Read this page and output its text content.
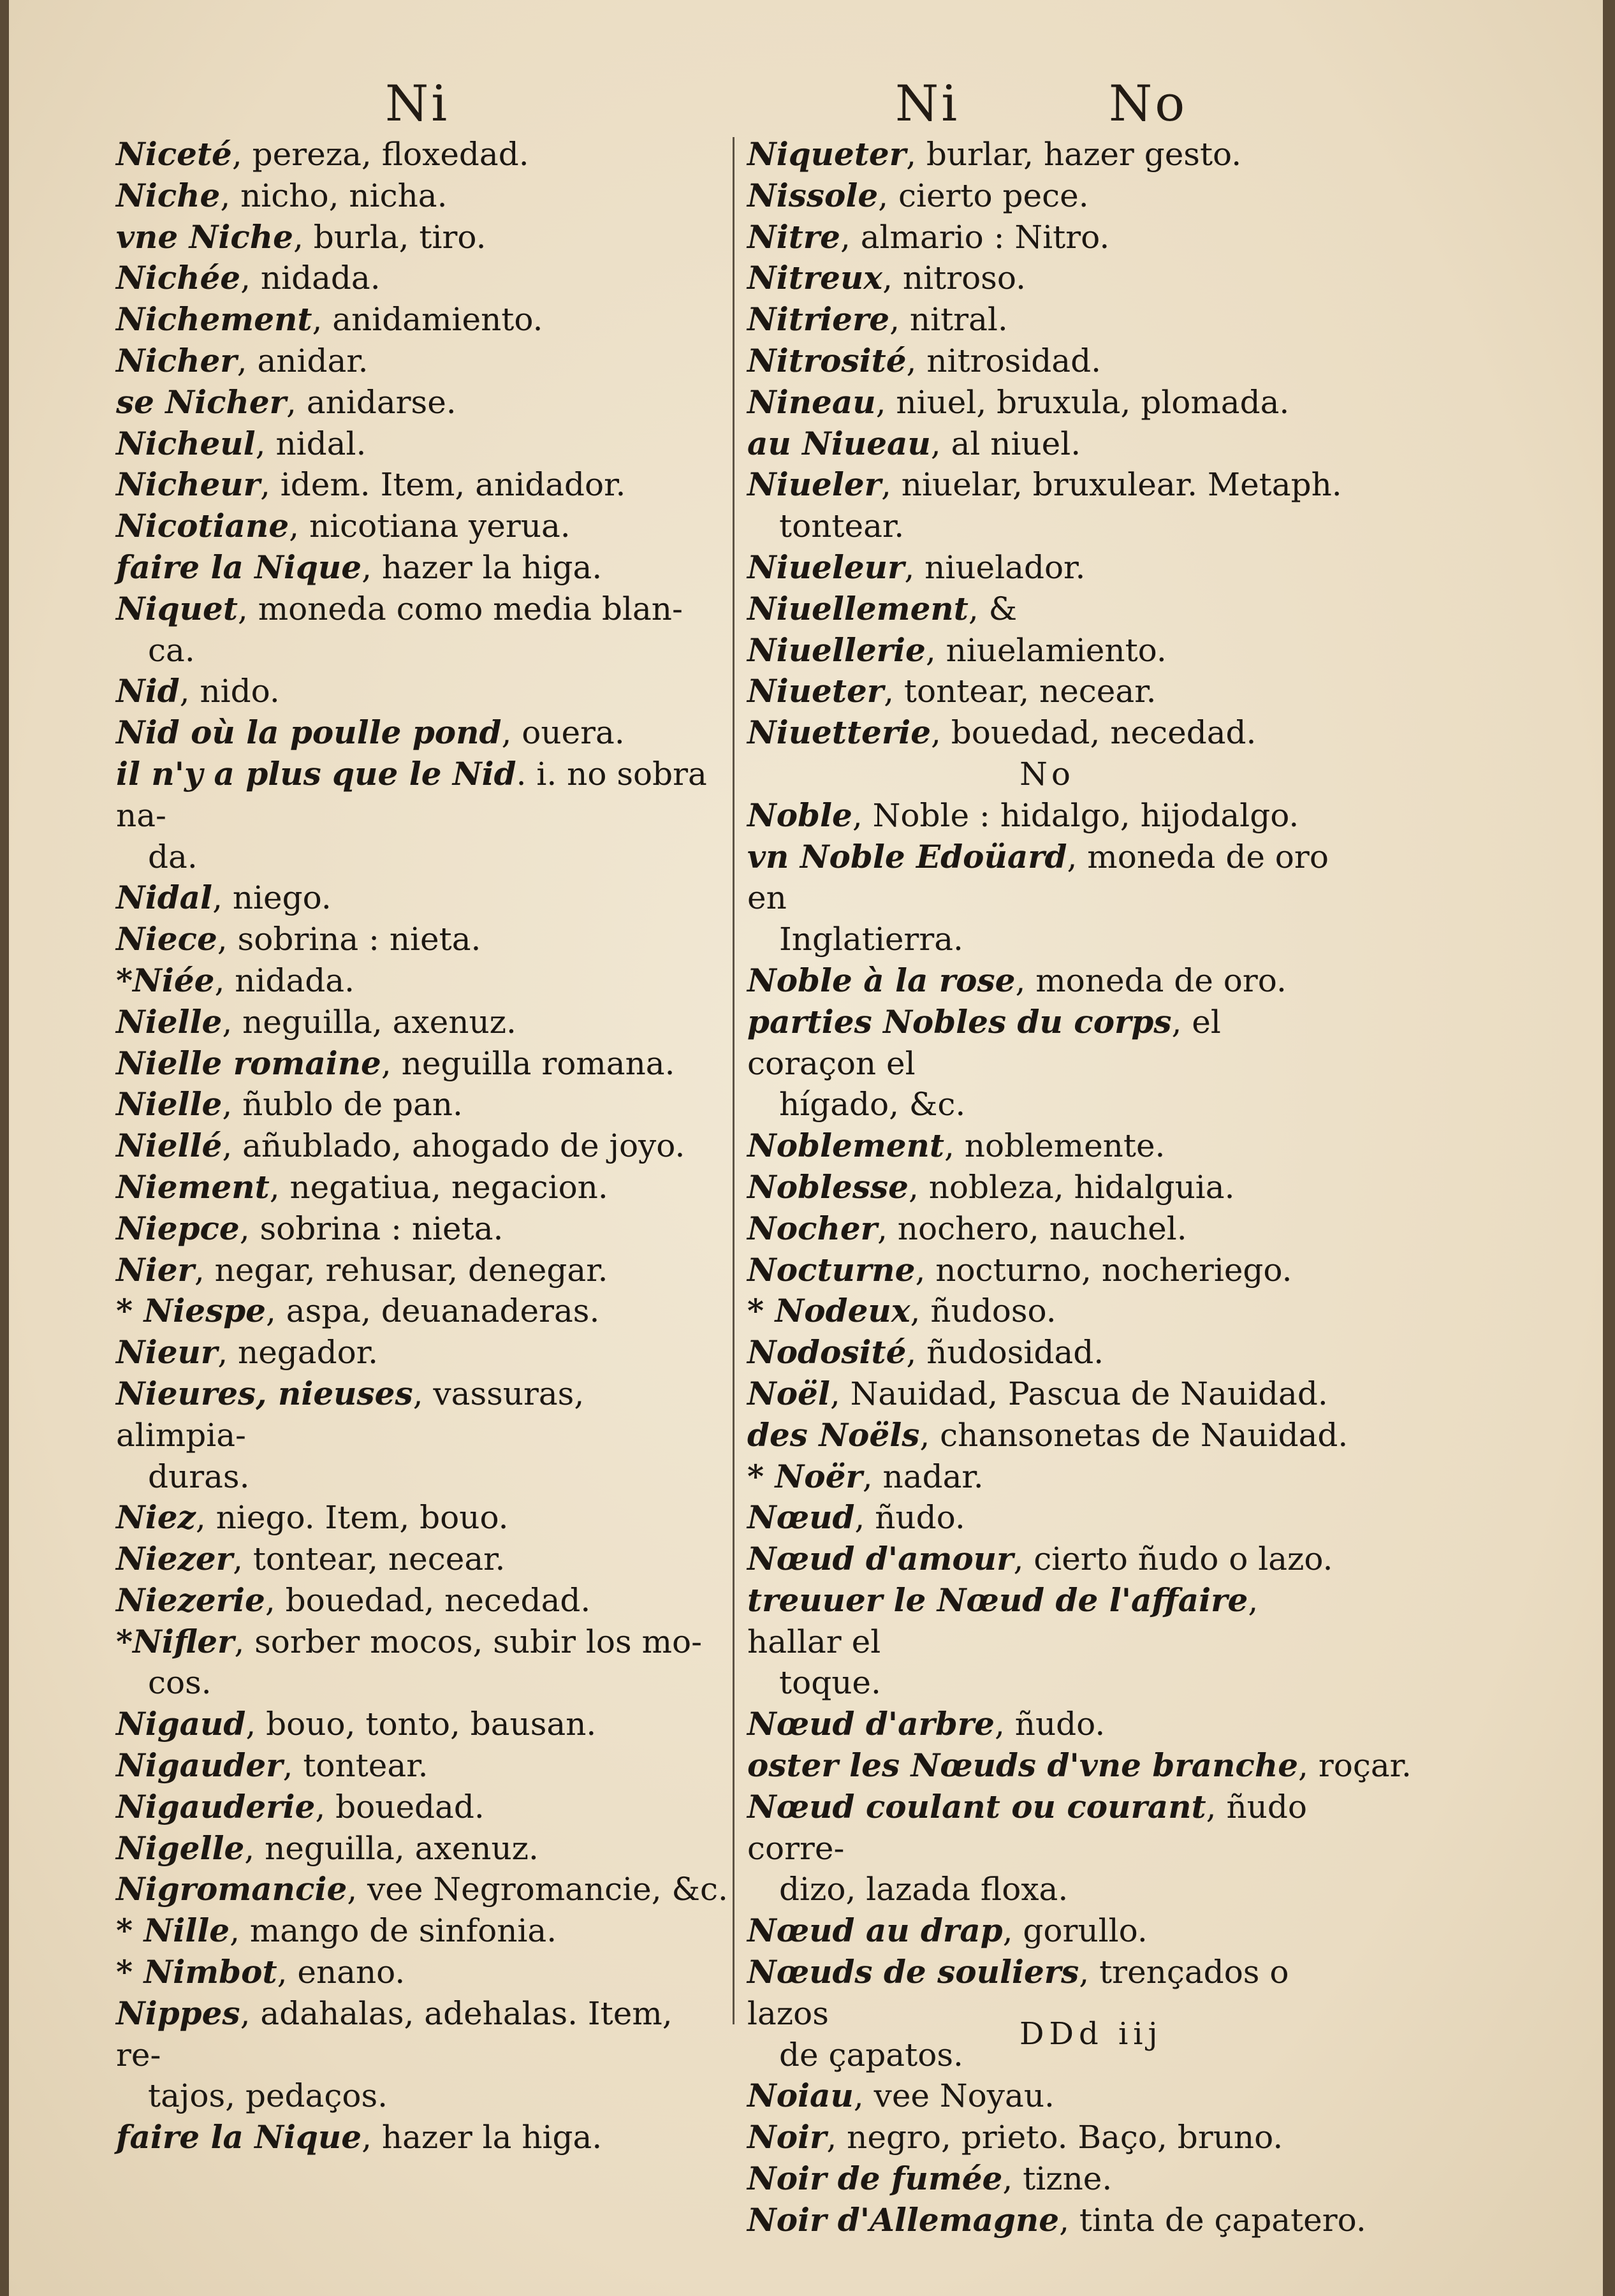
Ni	Ni	No
Niceté, pereza, floxedad.
Niche, nicho, nicha.
vne Niche, burla, tiro.
Nichée, nidada.
Nichement, anidamiento.
Nicher, anidar.
se Nicher, anidarse.
Nicheul, nidal.
Nicheur, idem. Item, anidador.
Nicotiane, nicotiana yerua.
faire la Nique, hazer la higa.
Niquet, moneda como media blan-
ca.
Nid, nido.
Nid où la poulle pond, ouera.
il n'y a plus que le Nid. i. no sobra na-
da.
Nidal, niego.
Niece, sobrina : nieta.
*Niée, nidada.
Nielle, neguilla, axenuz.
Nielle romaine, neguilla romana.
Nielle, ñublo de pan.
Niellé, añublado, ahogado de joyo.
Niement, negatiua, negacion.
Niepce, sobrina : nieta.
Nier, negar, rehusar, denegar.
* Niespe, aspa, deuanaderas.
Nieur, negador.
Nieures, nieuses, vassuras, alimpia-
duras.
Niez, niego. Item, bouo.
Niezer, tontear, necear.
Niezerie, bouedad, necedad.
*Nifler, sorber mocos, subir los mo-
cos.
Nigaud, bouo, tonto, bausan.
Nigauder, tontear.
Nigauderie, bouedad.
Nigelle, neguilla, axenuz.
Nigromancie, vee Negromancie, &c.
* Nille, mango de sinfonia.
* Nimbot, enano.
Nippes, adahalas, adehalas. Item, re-
tajos, pedaços.
faire la Nique, hazer la higa.
Niqueter, burlar, hazer gesto.
Nissole, cierto pece.
Nitre, almario : Nitro.
Nitreux, nitroso.
Nitriere, nitral.
Nitrosité, nitrosidad.
Nineau, niuel, bruxula, plomada.
au Niueau, al niuel.
Niueler, niuelar, bruxulear. Metaph.
tontear.
Niueleur, niuelador.
Niuellement, &
Niuellerie, niuelamiento.
Niueter, tontear, necear.
Niuetterie, bouedad, necedad.
No
Noble, Noble : hidalgo, hijodalgo.
vn Noble Edoüard, moneda de oro en
Inglatierra.
Noble à la rose, moneda de oro.
parties Nobles du corps, el coraçon el
hígado, &c.
Noblement, noblemente.
Noblesse, nobleza, hidalguia.
Nocher, nochero, nauchel.
Nocturne, nocturno, nocheriego.
* Nodeux, ñudoso.
Nodosité, ñudosidad.
Noël, Nauidad, Pascua de Nauidad.
des Noëls, chansonetas de Nauidad.
* Noër, nadar.
Nœud, ñudo.
Nœud d'amour, cierto ñudo o lazo.
treuuer le Nœud de l'affaire, hallar el
toque.
Nœud d'arbre, ñudo.
oster les Nœuds d'vne branche, roçar.
Nœud coulant ou courant, ñudo corre-
dizo, lazada floxa.
Nœud au drap, gorullo.
Nœuds de souliers, trençados o lazos
de çapatos.
Noiau, vee Noyau.
Noir, negro, prieto. Baço, bruno.
Noir de fumée, tizne.
Noir d'Allemagne, tinta de çapatero.
DDd iij
